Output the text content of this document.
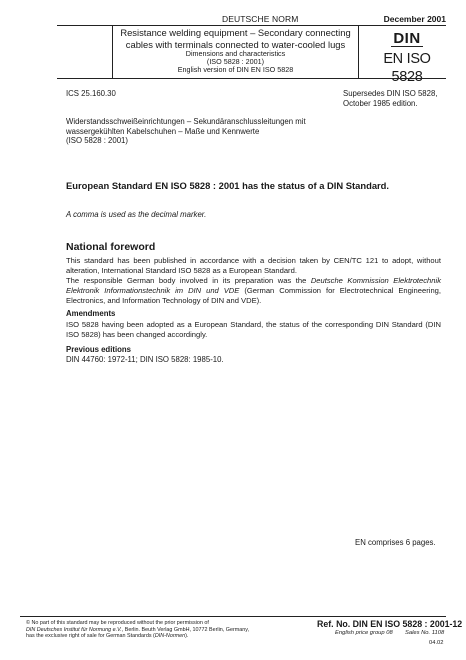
DEUTSCHE NORM	December 2001
Resistance welding equipment – Secondary connecting
cables with terminals connected to water-cooled lugs
Dimensions and characteristics
(ISO 5828 : 2001)
English version of DIN EN ISO 5828
DIN
EN ISO 5828
ICS 25.160.30	Supersedes DIN ISO 5828,
October 1985 edition.
Widerstandsschweißeinrichtungen – Sekundäranschlussleitungen mit
wassergekühlten Kabelschuhen – Maße und Kennwerte
(ISO 5828 : 2001)
European Standard EN ISO 5828 : 2001 has the status of a DIN Standard.
A comma is used as the decimal marker.
National foreword
This standard has been published in accordance with a decision taken by CEN/TC 121 to adopt, without alteration, International Standard ISO 5828 as a European Standard.
The responsible German body involved in its preparation was the Deutsche Kommission Elektrotechnik Elektronik Informationstechnik im DIN und VDE (German Commission for Electrotechnical Engineering, Electronics, and Information Technology of DIN and VDE).
Amendments
ISO 5828 having been adopted as a European Standard, the status of the corresponding DIN Standard (DIN ISO 5828) has been changed accordingly.
Previous editions
DIN 44760: 1972-11; DIN ISO 5828: 1985-10.
EN comprises 6 pages.
© No part of this standard may be reproduced without the prior permission of
DIN Deutsches Institut für Normung e.V., Berlin. Beuth Verlag GmbH, 10772 Berlin, Germany,
has the exclusive right of sale for German Standards (DIN-Normen).
Ref. No. DIN EN ISO 5828 : 2001-12
English price group 08 Sales No. 1108
04.02
